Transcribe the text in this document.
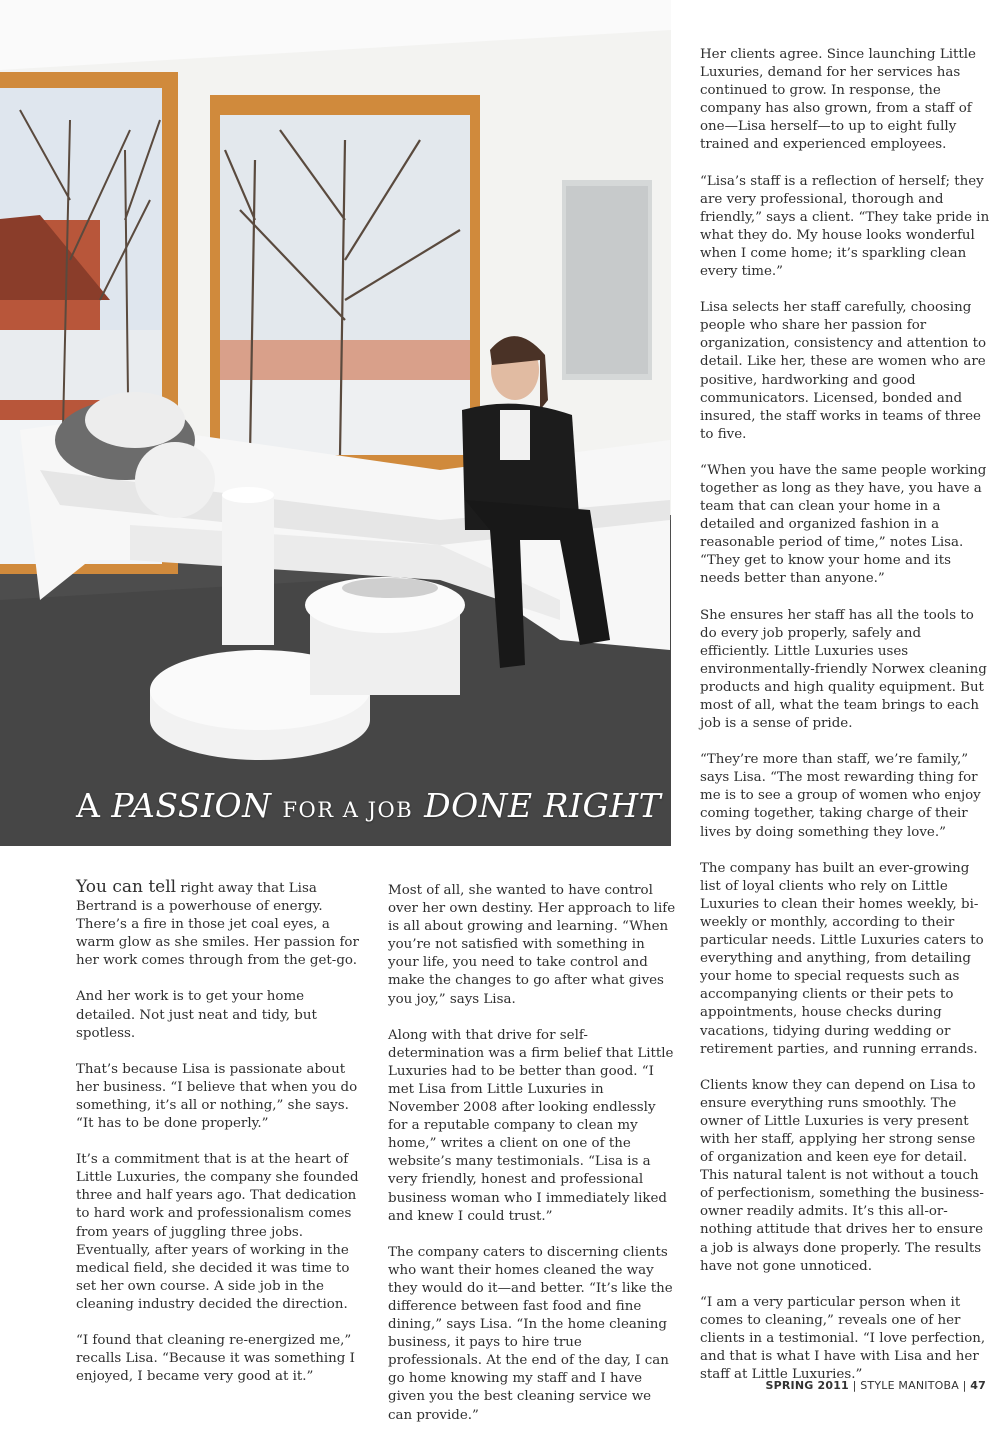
A PASSION FOR A JOB DONE RIGHT

You can tell right away that Lisa Bertrand is a powerhouse of energy. There’s a fire in those jet coal eyes, a warm glow as she smiles. Her passion for her work comes through from the get-go.

And her work is to get your home detailed. Not just neat and tidy, but spotless.

That’s because Lisa is passionate about her business. “I believe that when you do something, it’s all or nothing,” she says. “It has to be done properly.”

It’s a commitment that is at the heart of Little Luxuries, the company she founded three and half years ago. That dedication to hard work and professionalism comes from years of juggling three jobs. Eventually, after years of working in the medical field, she decided it was time to set her own course. A side job in the cleaning industry decided the direction.

“I found that cleaning re-energized me,” recalls Lisa. “Because it was something I enjoyed, I became very good at it.”

Most of all, she wanted to have control over her own destiny. Her approach to life is all about growing and learning. “When you’re not satisfied with something in your life, you need to take control and make the changes to go after what gives you joy,” says Lisa.

Along with that drive for self-determination was a firm belief that Little Luxuries had to be better than good. “I met Lisa from Little Luxuries in November 2008 after looking endlessly for a reputable company to clean my home,” writes a client on one of the website’s many testimonials. “Lisa is a very friendly, honest and professional business woman who I immediately liked and knew I could trust.”

The company caters to discerning clients who want their homes cleaned the way they would do it—and better. “It’s like the difference between fast food and fine dining,” says Lisa. “In the home cleaning business, it pays to hire true professionals. At the end of the day, I can go home knowing my staff and I have given you the best cleaning service we can provide.”

Her clients agree. Since launching Little Luxuries, demand for her services has continued to grow. In response, the company has also grown, from a staff of one—Lisa herself—to up to eight fully trained and experienced employees.

“Lisa’s staff is a reflection of herself; they are very professional, thorough and friendly,” says a client. “They take pride in what they do. My house looks wonderful when I come home; it’s sparkling clean every time.”

Lisa selects her staff carefully, choosing people who share her passion for organization, consistency and attention to detail. Like her, these are women who are positive, hardworking and good communicators. Licensed, bonded and insured, the staff works in teams of three to five.

“When you have the same people working together as long as they have, you have a team that can clean your home in a detailed and organized fashion in a reasonable period of time,” notes Lisa. “They get to know your home and its needs better than anyone.”

She ensures her staff has all the tools to do every job properly, safely and efficiently. Little Luxuries uses environmentally-friendly Norwex cleaning products and high quality equipment. But most of all, what the team brings to each job is a sense of pride.

“They’re more than staff, we’re family,” says Lisa. “The most rewarding thing for me is to see a group of women who enjoy coming together, taking charge of their lives by doing something they love.”

The company has built an ever-growing list of loyal clients who rely on Little Luxuries to clean their homes weekly, bi-weekly or monthly, according to their particular needs. Little Luxuries caters to everything and anything, from detailing your home to special requests such as accompanying clients or their pets to appointments, house checks during vacations, tidying during wedding or retirement parties, and running errands.

Clients know they can depend on Lisa to ensure everything runs smoothly. The owner of Little Luxuries is very present with her staff, applying her strong sense of organization and keen eye for detail. This natural talent is not without a touch of perfectionism, something the business-owner readily admits. It’s this all-or-nothing attitude that drives her to ensure a job is always done properly. The results have not gone unnoticed.

“I am a very particular person when it comes to cleaning,” reveals one of her clients in a testimonial. “I love perfection, and that is what I have with Lisa and her staff at Little Luxuries.”

SPRING 2011 | STYLE MANITOBA | 47
